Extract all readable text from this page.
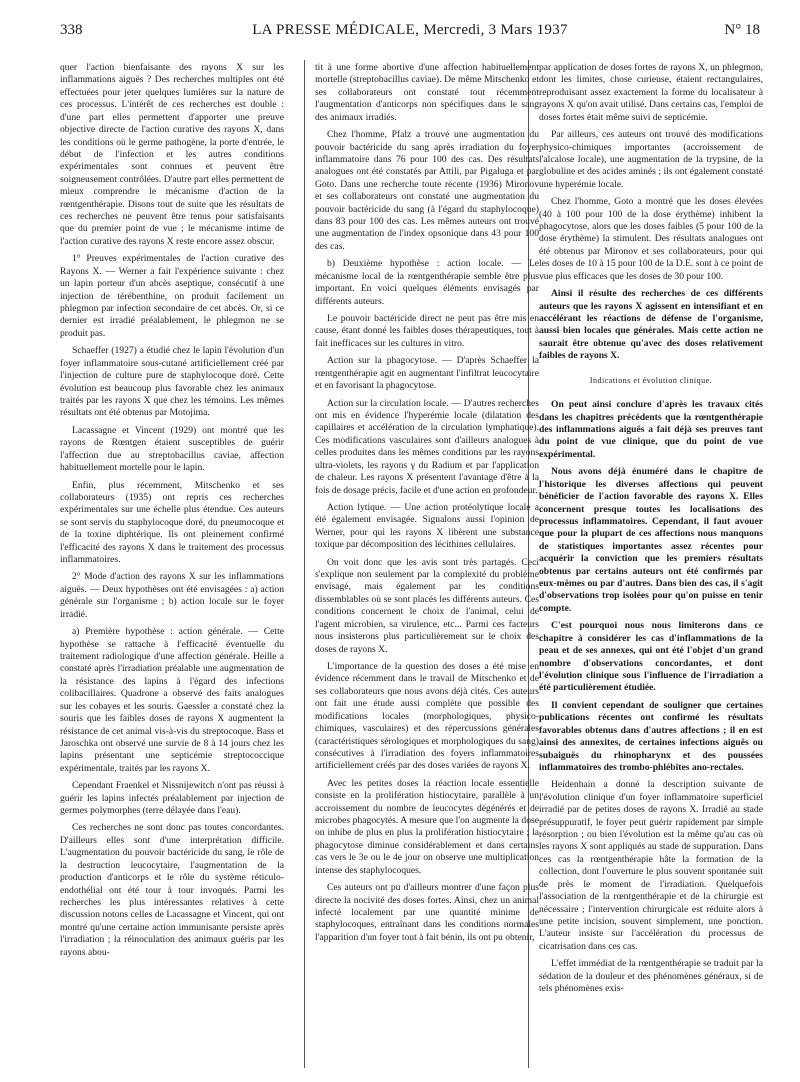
338	LA PRESSE MÉDICALE, Mercredi, 3 Mars 1937	N° 18

quer l'action bienfaisante des rayons X sur les inflammations aiguës ? Des recherches multiples ont été effectuées pour jeter quelques lumières sur la nature de ces processus. L'intérêt de ces recherches est double : d'une part elles permettent d'apporter une preuve objective directe de l'action curative des rayons X, dans les conditions où le germe pathogène, la porte d'entrée, le début de l'infection et les autres conditions expérimentales sont connues et peuvent être soigneusement contrôlées. D'autre part elles permettent de mieux comprendre le mécanisme d'action de la rœntgenthérapie. Disons tout de suite que les résultats de ces recherches ne peuvent être tenus pour satisfaisants que du premier point de vue ; le mécanisme intime de l'action curative des rayons X reste encore assez obscur.

1° Preuves expérimentales de l'action curative des Rayons X. — Werner a fait l'expérience suivante : chez un lapin porteur d'un abcès aseptique, consécutif à une injection de térébenthine, on produit facilement un phlegmon par infection secondaire de cet abcès. Or, si ce dernier est irradié préalablement, le phlegmon ne se produit pas.

Schaeffer (1927) a étudié chez le lapin l'évolution d'un foyer inflammatoire sous-cutané artificiellement créé par l'injection de culture pure de staphylocoque doré. Cette évolution est beaucoup plus favorable chez les animaux traités par les rayons X que chez les témoins. Les mêmes résultats ont été obtenus par Motojima.

Lacassagne et Vincent (1929) ont montré que les rayons de Rœntgen étaient susceptibles de guérir l'affection due au streptobacillus caviae, affection habituellement mortelle pour le lapin.

Enfin, plus récemment, Mitschenko et ses collaborateurs (1935) ont repris ces recherches expérimentales sur une échelle plus étendue. Ces auteurs se sont servis du staphylocoque doré, du pneumocoque et de la toxine diphtérique. Ils ont pleinement confirmé l'efficacité des rayons X dans le traitement des processus inflammatoires.

2° Mode d'action des rayons X sur les inflammations aiguës. — Deux hypothèses ont été envisagées : a) action générale sur l'organisme ; b) action locale sur le foyer irradié.

a) Première hypothèse : action générale. — Cette hypothèse se rattache à l'efficacité éventuelle du traitement radiologique d'une affection générale. Heille a constaté après l'irradiation préalable une augmentation de la résistance des lapins à l'égard des infections colibacillaires. Quadrone a observé des faits analogues sur les cobayes et les souris. Gaessler a constaté chez la souris que les faibles doses de rayons X augmentent la résistance de cet animal vis-à-vis du streptocoque. Bass et Jaroschka ont observé une survie de 8 à 14 jours chez les lapins présentant une septicémie streptococcique expérimentale, traités par les rayons X.

Cependant Fraenkel et Nissnijewitch n'ont pas réussi à guérir les lapins infectés préalablement par injection de germes polymorphes (terre délayée dans l'eau).

Ces recherches ne sont donc pas toutes concordantes. D'ailleurs elles sont d'une interprétation difficile. L'augmentation du pouvoir bactéricide du sang, le rôle de la destruction leucocytaire, l'augmentation de la production d'anticorps et le rôle du système réticulo-endothélial ont été tour à tour invoqués. Parmi les recherches les plus intéressantes relatives à cette discussion notons celles de Lacassagne et Vincent, qui ont montré qu'une certaine action immunisante persiste après l'irradiation ; la réinoculation des animaux guéris par les rayons abou-

tit à une forme abortive d'une affection habituellement mortelle (streptobacillus caviae). De même Mitschenko et ses collaborateurs ont constaté tout récemment l'augmentation d'anticorps non spécifiques dans le sang des animaux irradiés.

Chez l'homme, Pfalz a trouvé une augmentation du pouvoir bactéricide du sang après irradiation du foyer inflammatoire dans 76 pour 100 des cas. Des résultats analogues ont été constatés par Attili, par Pigaluga et par Goto. Dans une recherche toute récente (1936) Mironov et ses collaborateurs ont constaté une augmentation du pouvoir bactéricide du sang (à l'égard du staphylocoque) dans 83 pour 100 des cas. Les mêmes auteurs ont trouvé une augmentation de l'index opsonique dans 43 pour 100 des cas.

b) Deuxième hypothèse : action locale. — Le mécanisme local de la rœntgenthérapie semble être plus important. En voici quelques éléments envisagés par différents auteurs.

Le pouvoir bactéricide direct ne peut pas être mis en cause, étant donné les faibles doses thérapeutiques, tout à fait inefficaces sur les cultures in vitro.

Action sur la phagocytose. — D'après Schaeffer la rœntgenthérapie agit en augmentant l'infiltrat leucocytaire et en favorisant la phagocytose.

Action sur la circulation locale. — D'autres recherches ont mis en évidence l'hyperémie locale (dilatation des capillaires et accélération de la circulation lymphatique). Ces modifications vasculaires sont d'ailleurs analogues à celles produites dans les mêmes conditions par les rayons ultra-violets, les rayons γ du Radium et par l'application de chaleur. Les rayons X présentent l'avantage d'être à la fois de dosage précis, facile et d'une action en profondeur.

Action lytique. — Une action protéolytique locale a été également envisagée. Signalons aussi l'opinion de Werner, pour qui les rayons X libèrent une substance toxique par décomposition des lécithines cellulaires.

On voit donc que les avis sont très partagés. Ceci s'explique non seulement par la complexité du problème envisagé, mais également par les conditions dissemblables où se sont placés les différents auteurs. Ces conditions concernent le choix de l'animal, celui de l'agent microbien, sa virulence, etc... Parmi ces facteurs nous insisterons plus particulièrement sur le choix des doses de rayons X.

L'importance de la question des doses a été mise en évidence récemment dans le travail de Mitschenko et de ses collaborateurs que nous avons déjà cités. Ces auteurs ont fait une étude aussi complète que possible des modifications locales (morphologiques, physico-chimiques, vasculaires) et des répercussions générales (caractéristiques sérologiques et morphologiques du sang) consécutives à l'irradiation des foyers inflammatoires artificiellement créés par des doses variées de rayons X.

Avec les petites doses la réaction locale essentielle consiste en la prolifération histiocytaire, parallèle à un accroissement du nombre de leucocytes dégénérés et de microbes phagocytés. A mesure que l'on augmente la dose on inhibe de plus en plus la prolifération histiocytaire ; la phagocytose diminue considérablement et dans certains cas vers le 3e ou le 4e jour on observe une multiplication intense des staphylocoques.

Ces auteurs ont pu d'ailleurs montrer d'une façon plus directe la nocivité des doses fortes. Ainsi, chez un animal infecté localement par une quantité minime de staphylocoques, entraînant dans les conditions normales l'apparition d'un foyer tout à fait bénin, ils ont pu obtenir,

par application de doses fortes de rayons X, un phlegmon, dont les limites, chose curieuse, étaient rectangulaires, reproduisant assez exactement la forme du localisateur à rayons X qu'on avait utilisé. Dans certains cas, l'emploi de doses fortes était même suivi de septicémie.

Par ailleurs, ces auteurs ont trouvé des modifications physico-chimiques importantes (accroissement de l'alcalose locale), une augmentation de la trypsine, de la globuline et des acides aminés ; ils ont également constaté une hyperémie locale.

Chez l'homme, Goto a montré que les doses élevées (40 à 100 pour 100 de la dose érythème) inhibent la phagocytose, alors que les doses faibles (5 pour 100 de la dose érythème) la stimulent. Des résultats analogues ont été obtenus par Mironov et ses collaborateurs, pour qui les doses de 10 à 15 pour 100 de la D.E. sont à ce point de vue plus efficaces que les doses de 30 pour 100.

Ainsi il résulte des recherches de ces différents auteurs que les rayons X agissent en intensifiant et en accélérant les réactions de défense de l'organisme, aussi bien locales que générales. Mais cette action ne saurait être obtenue qu'avec des doses relativement faibles de rayons X.

Indications et évolution clinique.

On peut ainsi conclure d'après les travaux cités dans les chapitres précédents que la rœntgenthérapie des inflammations aiguës a fait déjà ses preuves tant du point de vue clinique, que du point de vue expérimental.

Nous avons déjà énuméré dans le chapitre de l'historique les diverses affections qui peuvent bénéficier de l'action favorable des rayons X. Elles concernent presque toutes les localisations des processus inflammatoires. Cependant, il faut avouer que pour la plupart de ces affections nous manquons de statistiques importantes assez récentes pour acquérir la conviction que les premiers résultats obtenus par certains auteurs ont été confirmés par eux-mêmes ou par d'autres. Dans bien des cas, il s'agit d'observations trop isolées pour qu'on puisse en tenir compte.

C'est pourquoi nous nous limiterons dans ce chapitre à considérer les cas d'inflammations de la peau et de ses annexes, qui ont été l'objet d'un grand nombre d'observations concordantes, et dont l'évolution clinique sous l'influence de l'irradiation a été particulièrement étudiée.

Il convient cependant de souligner que certaines publications récentes ont confirmé les résultats favorables obtenus dans d'autres affections ; il en est ainsi des annexites, de certaines infections aiguës ou subaiguës du rhinopharynx et des poussées inflammatoires des trombo-phlébites ano-rectales.

Heidenhain a donné la description suivante de l'évolution clinique d'un foyer inflammatoire superficiel irradié par de petites doses de rayons X. Irradié au stade présuppuratif, le foyer peut guérir rapidement par simple résorption ; ou bien l'évolution est la même qu'au cas où les rayons X sont appliqués au stade de suppuration. Dans ces cas la rœntgenthérapie hâte la formation de la collection, dont l'ouverture le plus souvent spontanée suit de près le moment de l'irradiation. Quelquefois l'association de la rœntgenthérapie et de la chirurgie est nécessaire ; l'intervention chirurgicale est réduite alors à une petite incision, souvent simplement, une ponction. L'auteur insiste sur l'accélération du processus de cicatrisation dans ces cas.

L'effet immédiat de la rœntgenthérapie se traduit par la sédation de la douleur et des phénomènes généraux, si de tels phénomènes exis-
